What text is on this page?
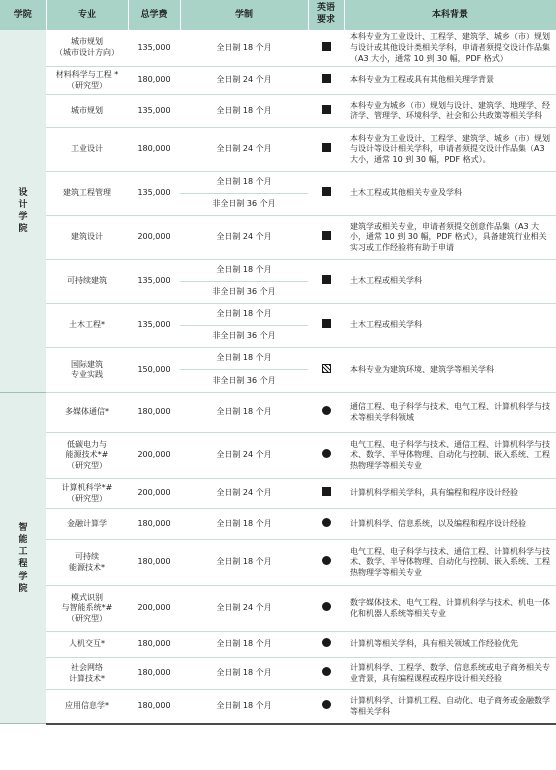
学院	专业	总学费	学制	英语要求	本科背景
设计学院	城市规划
（城市设计方向）	135,000	全日制 18 个月		本科专业为工业设计、工程学、建筑学、城乡（市）规划与设计或其他设计类相关学科，申请者须提交设计作品集（A3 大小，通常 10 到 30 幅，PDF 格式）
	材料科学与工程 *
（研究型）	180,000	全日制 24 个月		本科专业为工程或具有其他相关理学背景
	城市规划	135,000	全日制 18 个月		本科专业为城乡（市）规划与设计、建筑学、地理学、经济学、管理学、环境科学、社会和公共政策等相关学科
	工业设计	180,000	全日制 24 个月		本科专业为工业设计、工程学、建筑学、城乡（市）规划与设计等设计相关学科，申请者须提交设计作品集（A3 大小，通常 10 到 30 幅，PDF 格式）。
	建筑工程管理	135,000	全日制 18 个月		土木工程或其他相关专业及学科
			非全日制 36 个月		
	建筑设计	200,000	全日制 24 个月		建筑学或相关专业，申请者须提交创意作品集（A3 大小，通常 10 到 30 幅，PDF 格式），具备建筑行业相关实习或工作经验将有助于申请
	可持续建筑	135,000	全日制 18 个月		土木工程或相关学科
			非全日制 36 个月		
	土木工程*	135,000	全日制 18 个月		土木工程或相关学科
			非全日制 36 个月		
	国际建筑
专业实践	150,000	全日制 18 个月		本科专业为建筑环境、建筑学等相关学科
			非全日制 36 个月		
智能工程学院	多媒体通信*	180,000	全日制 18 个月		通信工程、电子科学与技术、电气工程、计算机科学与技术等相关学科领域
	低碳电力与
能源技术*#
（研究型）	200,000	全日制 24 个月		电气工程、电子科学与技术、通信工程、计算机科学与技术、数学、半导体物理、自动化与控制、嵌入系统、工程热物理学等相关专业
	计算机科学*#
（研究型）	200,000	全日制 24 个月		计算机科学相关学科，具有编程和程序设计经验
	金融计算学	180,000	全日制 18 个月		计算机科学、信息系统，以及编程和程序设计经验
	可持续
能源技术*	180,000	全日制 18 个月		电气工程、电子科学与技术、通信工程、计算机科学与技术、数学、半导体物理、自动化与控制、嵌入系统、工程热物理学等相关专业
	模式识别
与智能系统*#
（研究型）	200,000	全日制 24 个月		数字媒体技术、电气工程、计算机科学与技术、机电一体化和机器人系统等相关专业
	人机交互*	180,000	全日制 18 个月		计算机等相关学科，具有相关领域工作经验优先
	社会网络
计算技术*	180,000	全日制 18 个月		计算机科学、工程学、数学、信息系统或电子商务相关专业背景，具有编程课程或程序设计相关经验
	应用信息学*	180,000	全日制 18 个月		计算机科学、计算机工程、自动化、电子商务或金融数学等相关学科
